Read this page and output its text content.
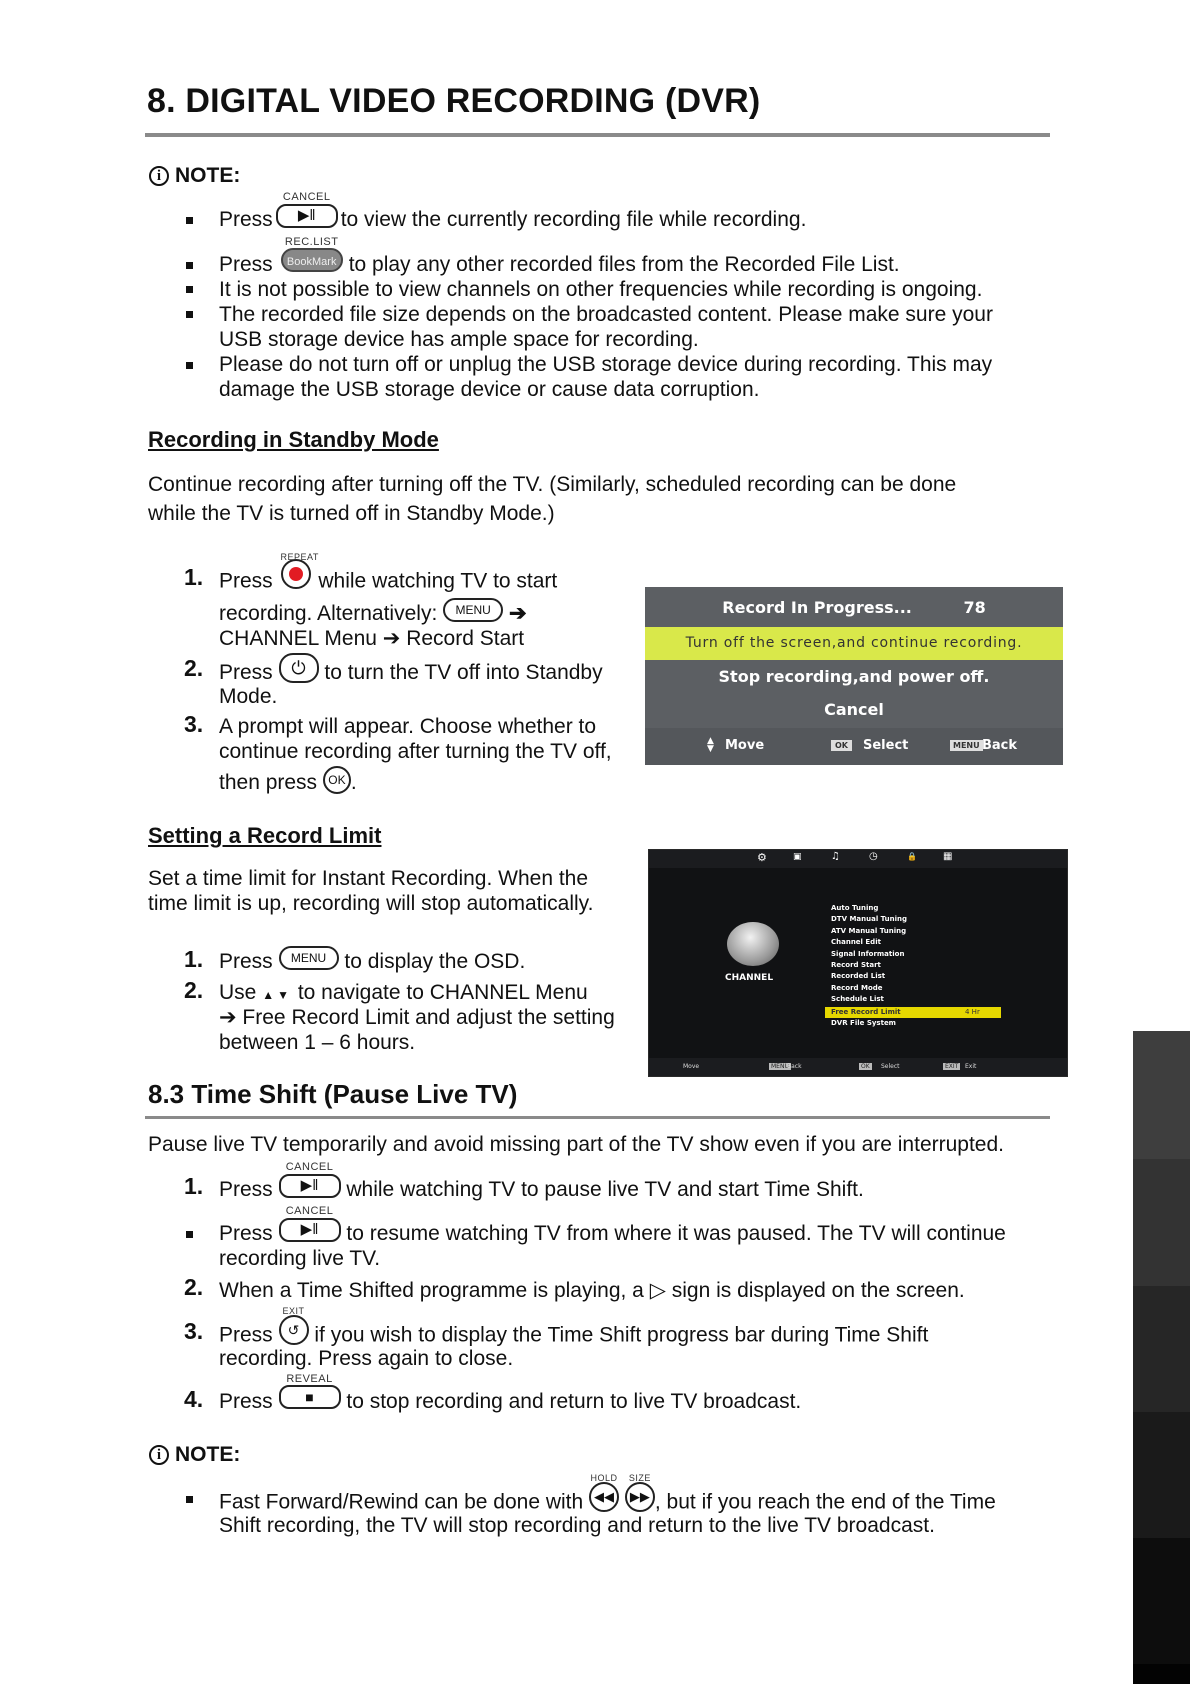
8. DIGITAL VIDEO RECORDING (DVR)
i NOTE:
Press
CANCEL
▶‖ to view the currently recording file while recording.
Press
REC.LIST
BookMark to play any other recorded files from the Recorded File List.
It is not possible to view channels on other frequencies while recording is ongoing.
The recorded file size depends on the broadcasted content. Please make sure your
USB storage device has ample space for recording.
Please do not turn off or unplug the USB storage device during recording. This may
damage the USB storage device or cause data corruption.
Recording in Standby Mode
Continue recording after turning off the TV. (Similarly, scheduled recording can be done
while the TV is turned off in Standby Mode.)
1. Press
REPEAT
while watching TV to start
recording. Alternatively: MENU ➔
CHANNEL Menu ➔ Record Start
2. Press ⏻ to turn the TV off into Standby
Mode.
3. A prompt will appear. Choose whether to
continue recording after turning the TV off,
then press OK .
Record In Progress...	78
Turn off the screen,and continue recording.
Stop recording,and power off.
Cancel
▲
▼ Move	OK	Select	MENU Back
Setting a Record Limit
Set a time limit for Instant Recording. When the
time limit is up, recording will stop automatically.
1. Press MENU to display the OSD.
2. Use ▲▼ to navigate to CHANNEL Menu
➔ Free Record Limit and adjust the setting
between 1 – 6 hours.
⚙	▣	♫	◷	🔒	▦
CHANNEL
Auto Tuning
DTV Manual Tuning
ATV Manual Tuning
Channel Edit
Signal Information
Record Start
Recorded List
Record Mode
Schedule List
Free Record Limit	4 Hr
DVR File System
Move	MENU
Back	OK	Select	EXIT	Exit
8.3 Time Shift (Pause Live TV)
Pause live TV temporarily and avoid missing part of the TV show even if you are interrupted.
1. Press
CANCEL
▶‖ while watching TV to pause live TV and start Time Shift.
Press
CANCEL
▶‖ to resume watching TV from where it was paused. The TV will continue
recording live TV.
2. When a Time Shifted programme is playing, a ▷ sign is displayed on the screen.
3. Press
EXIT
↺ if you wish to display the Time Shift progress bar during Time Shift
recording. Press again to close.
4. Press
REVEAL
■ to stop recording and return to live TV broadcast.
i NOTE:
Fast Forward/Rewind can be done with
HOLD
◀◀
SIZE
▶▶ , but if you reach the end of the Time
Shift recording, the TV will stop recording and return to the live TV broadcast.
